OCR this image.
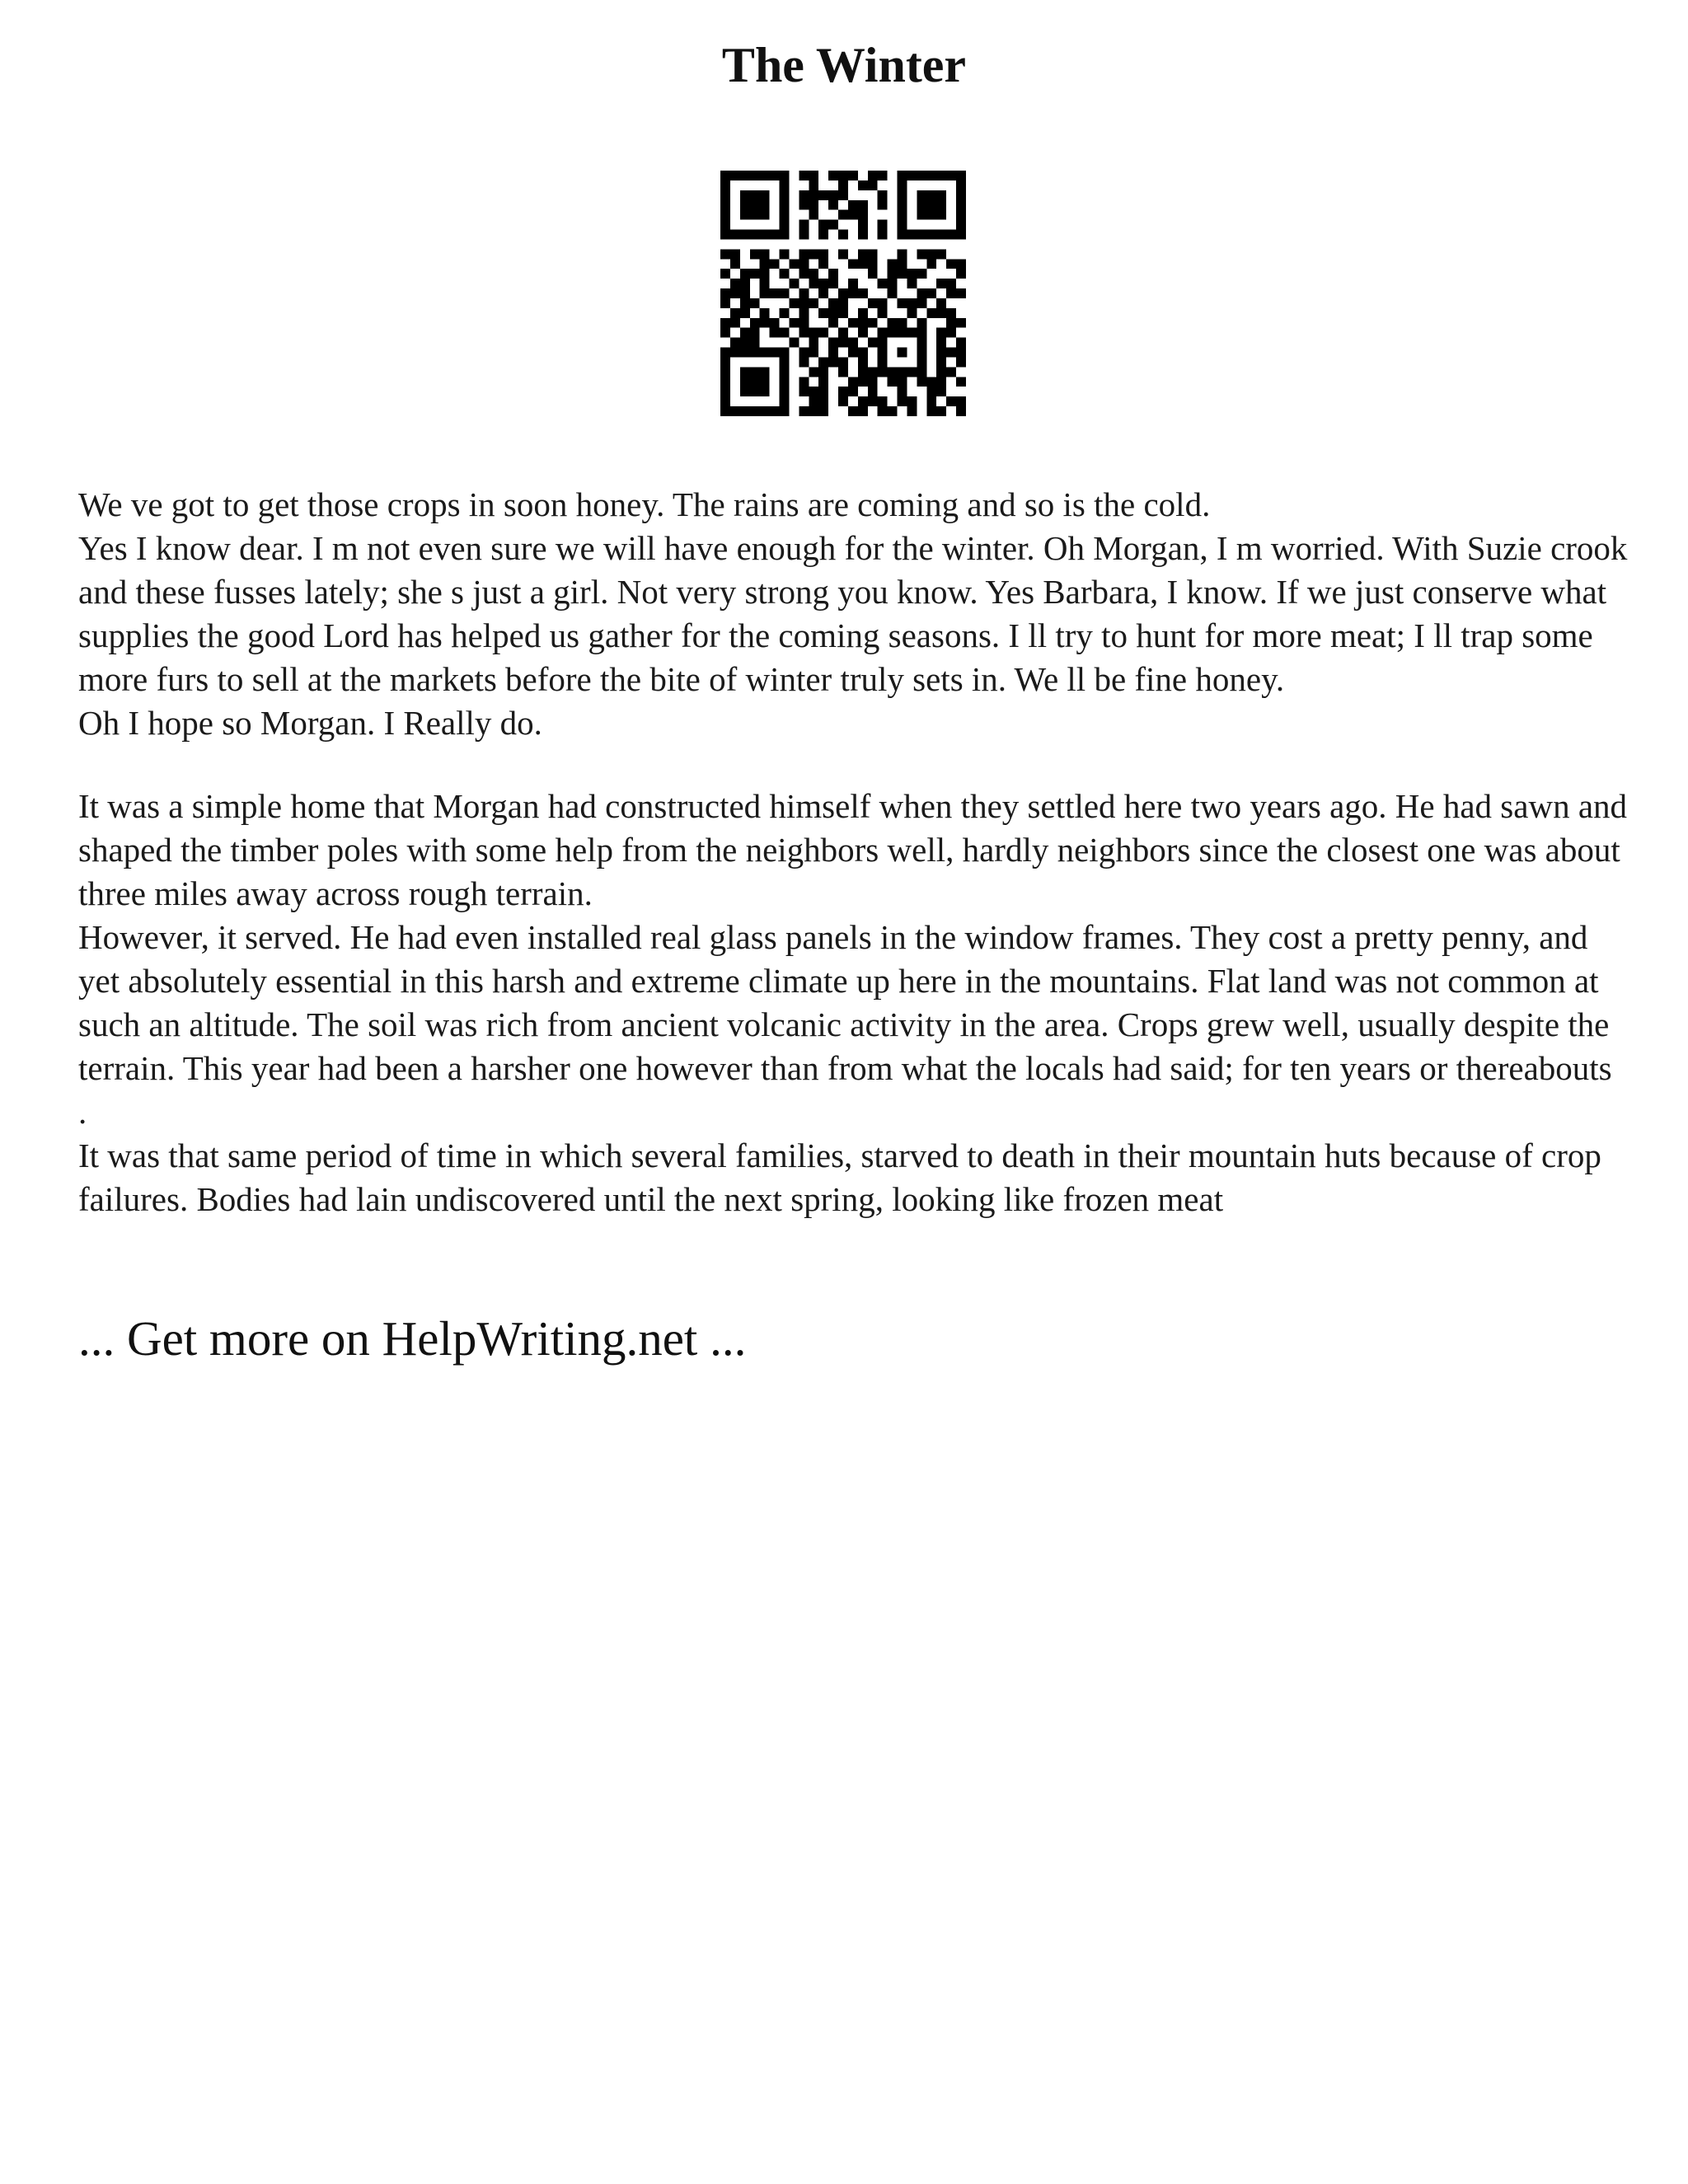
The Winter

We ve got to get those crops in soon honey. The rains are coming and so is the cold.

Yes I know dear. I m not even sure we will have enough for the winter. Oh Morgan, I m worried. With Suzie crook and these fusses lately; she s just a girl. Not very strong you know. Yes Barbara, I know. If we just conserve what supplies the good Lord has helped us gather for the coming seasons. I ll try to hunt for more meat; I ll trap some more furs to sell at the markets before the bite of winter truly sets in. We ll be fine honey.

Oh I hope so Morgan. I Really do.

It was a simple home that Morgan had constructed himself when they settled here two years ago. He had sawn and shaped the timber poles with some help from the neighbors well, hardly neighbors since the closest one was about three miles away across rough terrain.

However, it served. He had even installed real glass panels in the window frames. They cost a pretty penny, and yet absolutely essential in this harsh and extreme climate up here in the mountains. Flat land was not common at such an altitude. The soil was rich from ancient volcanic activity in the area. Crops grew well, usually despite the terrain. This year had been a harsher one however than from what the locals had said; for ten years or thereabouts .

It was that same period of time in which several families, starved to death in their mountain huts because of crop failures. Bodies had lain undiscovered until the next spring, looking like frozen meat

... Get more on HelpWriting.net ...
